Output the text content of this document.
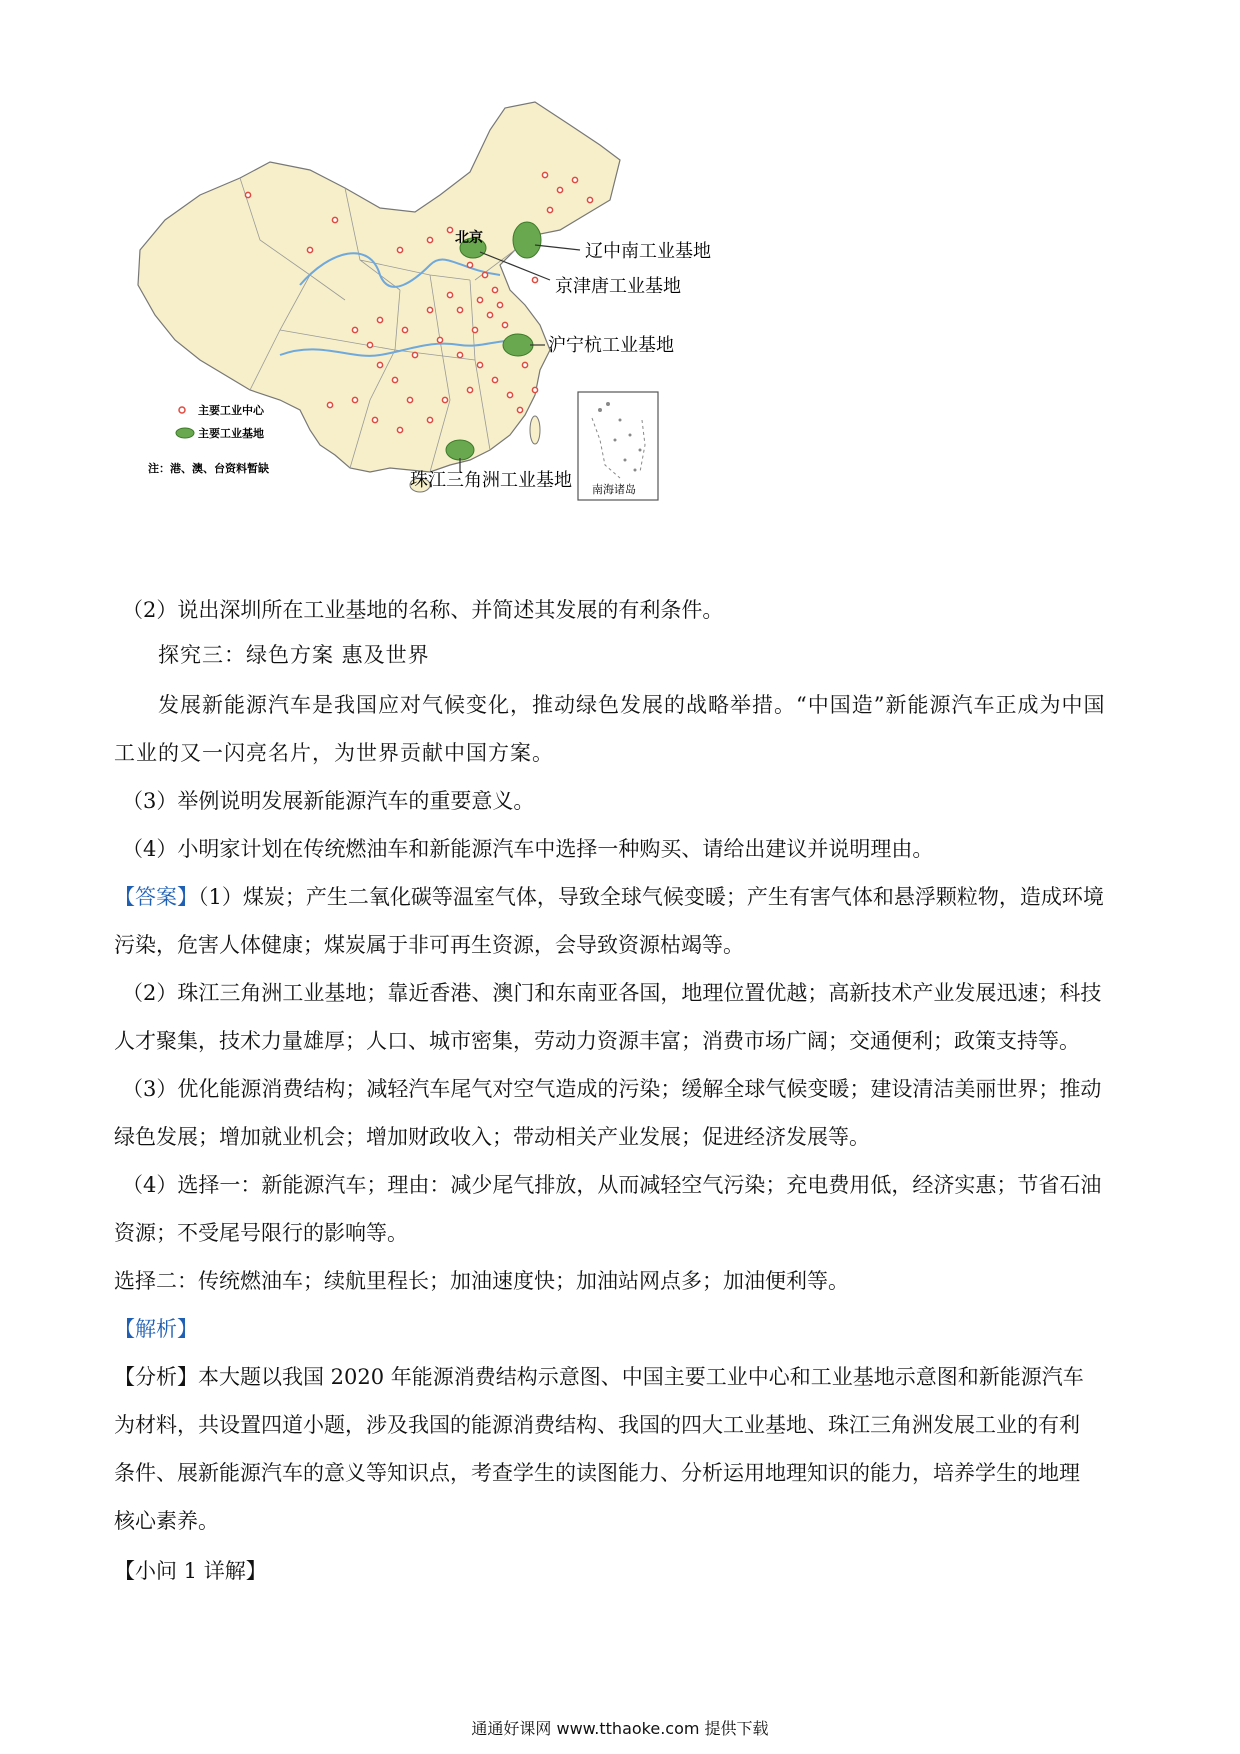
北京
辽中南工业基地
京津唐工业基地
沪宁杭工业基地
珠江三角洲工业基地
主要工业中心
主要工业基地
注：港、澳、台资料暂缺
南海诸岛
（2）说出深圳所在工业基地的名称、并简述其发展的有利条件。
探究三：绿色方案 惠及世界
发展新能源汽车是我国应对气候变化，推动绿色发展的战略举措。“中国造”新能源汽车正成为中国
工业的又一闪亮名片，为世界贡献中国方案。
（3）举例说明发展新能源汽车的重要意义。
（4）小明家计划在传统燃油车和新能源汽车中选择一种购买、请给出建议并说明理由。
【答案】（1）煤炭；产生二氧化碳等温室气体，导致全球气候变暖；产生有害气体和悬浮颗粒物，造成环境
污染，危害人体健康；煤炭属于非可再生资源，会导致资源枯竭等。
（2）珠江三角洲工业基地；靠近香港、澳门和东南亚各国，地理位置优越；高新技术产业发展迅速；科技
人才聚集，技术力量雄厚；人口、城市密集，劳动力资源丰富；消费市场广阔；交通便利；政策支持等。
（3）优化能源消费结构；减轻汽车尾气对空气造成的污染；缓解全球气候变暖；建设清洁美丽世界；推动
绿色发展；增加就业机会；增加财政收入；带动相关产业发展；促进经济发展等。
（4）选择一：新能源汽车；理由：减少尾气排放，从而减轻空气污染；充电费用低，经济实惠；节省石油
资源；不受尾号限行的影响等。
选择二：传统燃油车；续航里程长；加油速度快；加油站网点多；加油便利等。
【解析】
【分析】本大题以我国 2020 年能源消费结构示意图、中国主要工业中心和工业基地示意图和新能源汽车
为材料，共设置四道小题，涉及我国的能源消费结构、我国的四大工业基地、珠江三角洲发展工业的有利
条件、展新能源汽车的意义等知识点，考查学生的读图能力、分析运用地理知识的能力，培养学生的地理
核心素养。
【小问 1 详解】
通通好课网 www.tthaoke.com 提供下载
